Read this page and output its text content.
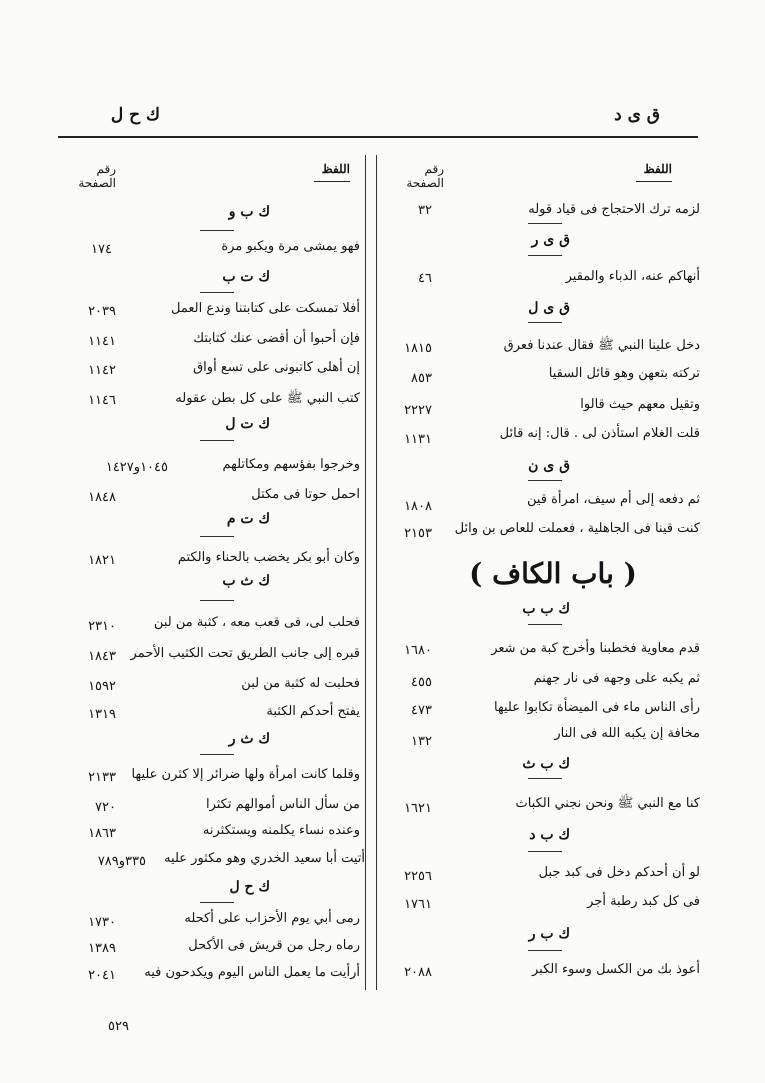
ق ى د
ك ح ل
اللفظ
رقم الصفحة
اللفظ
رقم الصفحة
لزمه ترك الاحتجاج فى قياد قوله
٣٢
ق ى ر
أنهاكم عنه، الدباء والمقير
٤٦
ق ى ل
دخل علينا النبي ﷺ فقال عندنا فعرق
١٨١٥
تركته بتعهن وهو قائل السقيا
٨٥٣
وتقيل معهم حيث قالوا
٢٢٢٧
قلت الغلام استأذن لى . قال: إنه قائل
١١٣١
ق ى ن
ثم دفعه إلى أم سيف، امرأة قين
١٨٠٨
كنت قينا فى الجاهلية ، فعملت للعاص بن وائل
٢١٥٣
( باب الكاف )
ك ب ب
قدم معاوية فخطبنا وأخرج كبة من شعر
١٦٨٠
ثم يكبه على وجهه فى نار جهنم
٤٥٥
رأى الناس ماء فى الميضأة تكابوا عليها
٤٧٣
مخافة إن يكبه الله فى النار
١٣٢
ك ب ث
كنا مع النبي ﷺ ونحن نجني الكباث
١٦٢١
ك ب د
لو أن أحدكم دخل فى كبد جبل
٢٢٥٦
فى كل كبد رطبة أجر
١٧٦١
ك ب ر
أعوذ بك من الكسل وسوء الكبر
٢٠٨٨
ك ب و
فهو يمشى مرة ويكبو مرة
١٧٤
ك ت ب
أفلا تمسكت على كتابتنا وندع العمل
٢٠٣٩
فإن أحبوا أن أقضى عنك كتابتك
١١٤١
إن أهلى كاتبونى على تسع أواق
١١٤٢
كتب النبي ﷺ على كل بطن عقوله
١١٤٦
ك ت ل
وخرجوا بفؤسهم ومكاتلهم
١٠٤٥و١٤٢٧
احمل حوتا فى مكتل
١٨٤٨
ك ت م
وكان أبو بكر يخضب بالحناء والكتم
١٨٢١
ك ث ب
فحلب لى، فى قعب معه ، كثبة من لبن
٢٣١٠
قبره إلى جانب الطريق تحت الكثيب الأحمر
١٨٤٣
فحلبت له كثبة من لبن
١٥٩٢
يفتح أحدكم الكثبة
١٣١٩
ك ث ر
وقلما كانت امرأة ولها ضرائر إلا كثرن عليها
٢١٣٣
من سأل الناس أموالهم تكثرا
٧٢٠
وعنده نساء يكلمنه ويستكثرنه
١٨٦٣
أتيت أبا سعيد الخدري وهو مكثور عليه
٣٣٥و٧٨٩
ك ح ل
رمى أبي يوم الأحزاب على أكحله
١٧٣٠
رماه رجل من قريش فى الأكحل
١٣٨٩
أرأيت ما يعمل الناس اليوم ويكدحون فيه
٢٠٤١
٥٢٩
